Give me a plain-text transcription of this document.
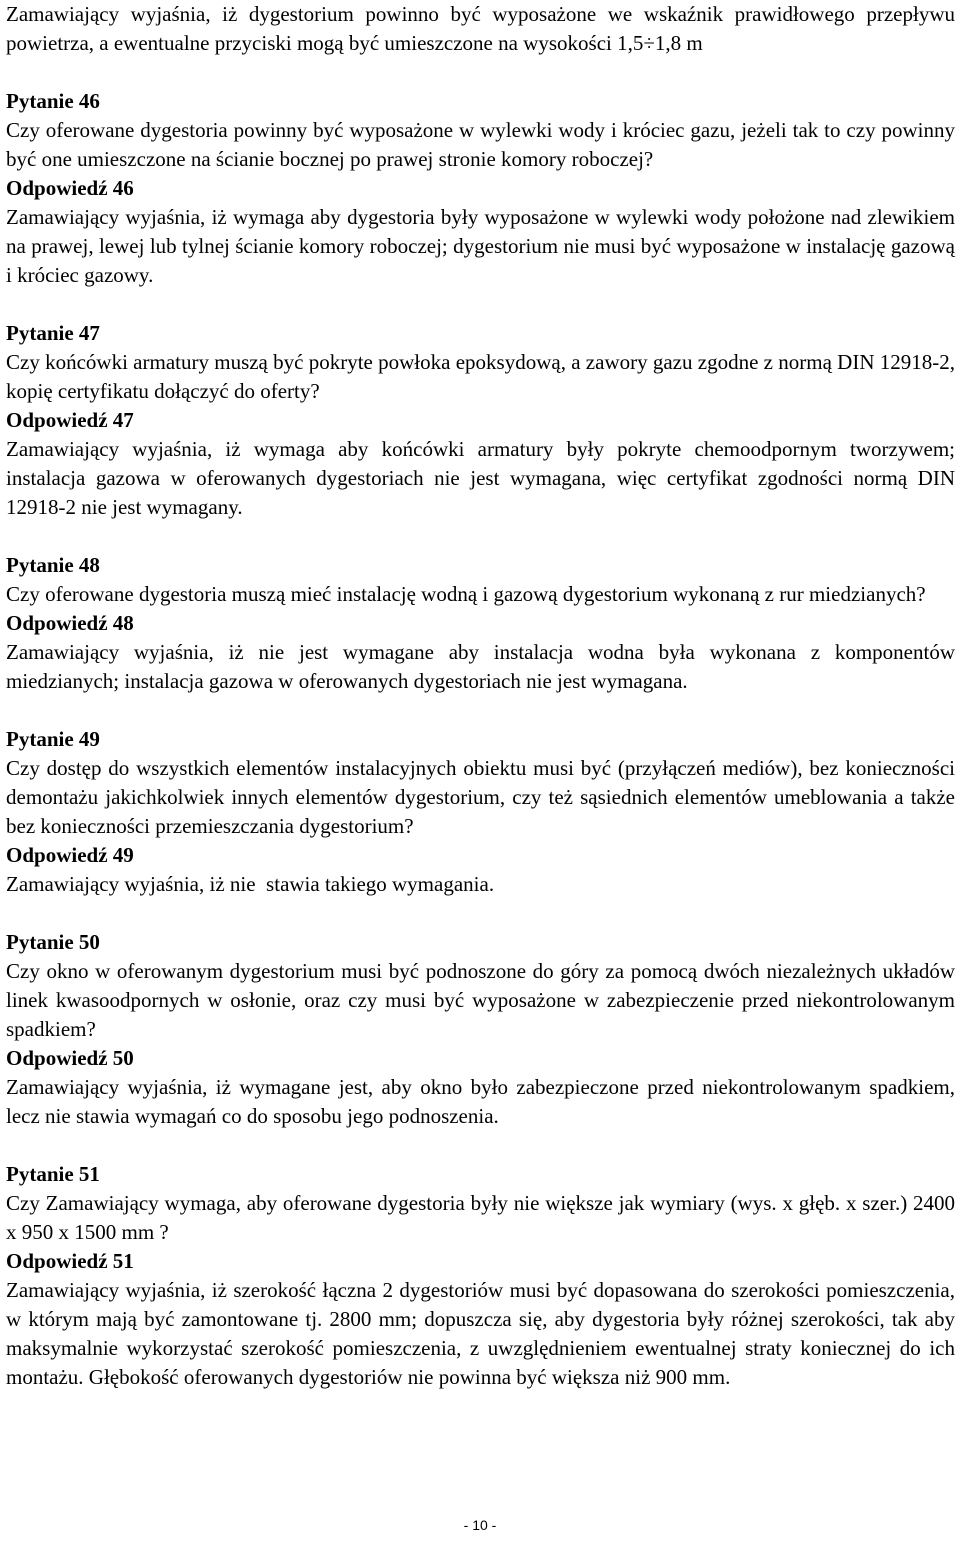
Zamawiający wyjaśnia, iż dygestorium powinno być wyposażone we wskaźnik prawidłowego przepływu powietrza, a ewentualne przyciski mogą być umieszczone na wysokości 1,5÷1,8 m

Pytanie 46

Czy oferowane dygestoria powinny być wyposażone w wylewki wody i króciec gazu, jeżeli tak to czy powinny być one umieszczone na ścianie bocznej po prawej stronie komory roboczej?

Odpowiedź 46

Zamawiający wyjaśnia, iż wymaga aby dygestoria były wyposażone w wylewki wody położone nad zlewikiem na prawej, lewej lub tylnej ścianie komory roboczej; dygestorium nie musi być wyposażone w instalację gazową i króciec gazowy.

Pytanie 47

Czy końcówki armatury muszą być pokryte powłoka epoksydową, a zawory gazu zgodne z normą DIN 12918-2, kopię certyfikatu dołączyć do oferty?

Odpowiedź 47

Zamawiający wyjaśnia, iż wymaga aby końcówki armatury były pokryte chemoodpornym tworzywem; instalacja gazowa w oferowanych dygestoriach nie jest wymagana, więc certyfikat zgodności normą DIN 12918-2 nie jest wymagany.

Pytanie 48

Czy oferowane dygestoria muszą mieć instalację wodną i gazową dygestorium wykonaną z rur miedzianych?

Odpowiedź 48

Zamawiający wyjaśnia, iż nie jest wymagane aby instalacja wodna była wykonana z komponentów miedzianych; instalacja gazowa w oferowanych dygestoriach nie jest wymagana.

Pytanie 49

Czy dostęp do wszystkich elementów instalacyjnych obiektu musi być (przyłączeń mediów), bez konieczności demontażu jakichkolwiek innych elementów dygestorium, czy też sąsiednich elementów umeblowania a także bez konieczności przemieszczania dygestorium?

Odpowiedź 49

Zamawiający wyjaśnia, iż nie  stawia takiego wymagania.

Pytanie 50

Czy okno w oferowanym dygestorium musi być podnoszone do góry za pomocą dwóch niezależnych układów linek kwasoodpornych w osłonie, oraz czy musi być wyposażone w zabezpieczenie przed niekontrolowanym spadkiem?

Odpowiedź 50

Zamawiający wyjaśnia, iż wymagane jest, aby okno było zabezpieczone przed niekontrolowanym spadkiem, lecz nie stawia wymagań co do sposobu jego podnoszenia.

Pytanie 51

Czy Zamawiający wymaga, aby oferowane dygestoria były nie większe jak wymiary (wys. x głęb. x szer.) 2400 x 950 x 1500 mm ?

Odpowiedź 51

Zamawiający wyjaśnia, iż szerokość łączna 2 dygestoriów musi być dopasowana do szerokości pomieszczenia, w którym mają być zamontowane tj. 2800 mm; dopuszcza się, aby dygestoria były różnej szerokości, tak aby maksymalnie wykorzystać szerokość pomieszczenia, z uwzględnieniem ewentualnej straty koniecznej do ich montażu. Głębokość oferowanych dygestoriów nie powinna być większa niż 900 mm.

- 10 -
